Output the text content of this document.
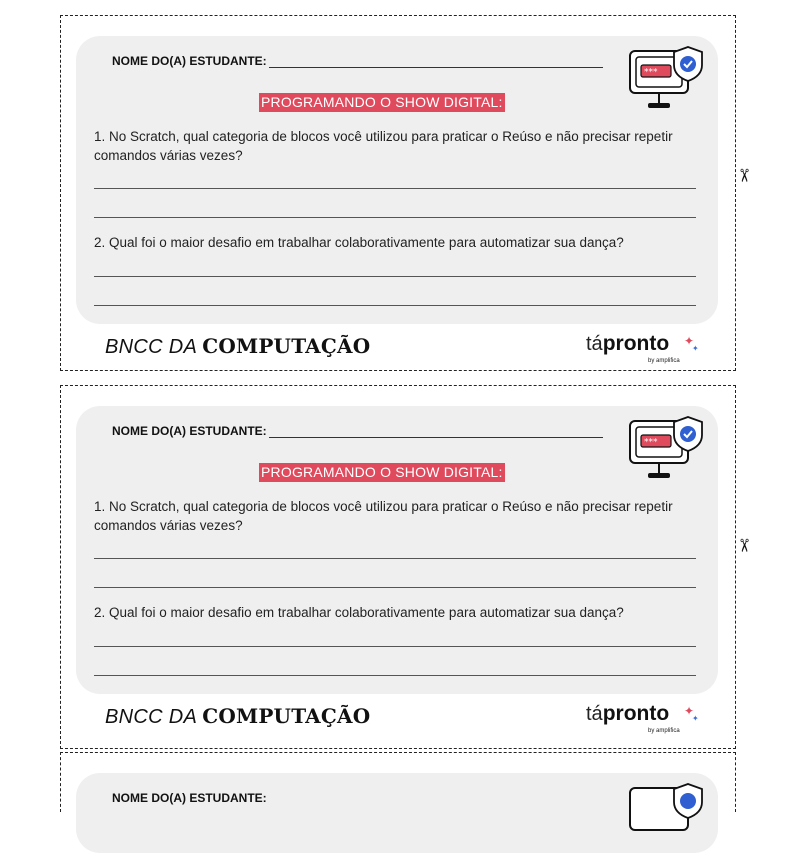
NOME DO(A) ESTUDANTE:
***
PROGRAMANDO O SHOW DIGITAL:
1. No Scratch, qual categoria de blocos você utilizou para praticar o Reúso e não precisar repetir comandos várias vezes?
2. Qual foi o maior desafio em trabalhar colaborativamente para automatizar sua dança?
BNCC DA COMPUTAÇÃO	tápronto ✦
✦
by amplifica
✂
NOME DO(A) ESTUDANTE:
***
PROGRAMANDO O SHOW DIGITAL:
1. No Scratch, qual categoria de blocos você utilizou para praticar o Reúso e não precisar repetir comandos várias vezes?
2. Qual foi o maior desafio em trabalhar colaborativamente para automatizar sua dança?
BNCC DA COMPUTAÇÃO	tápronto ✦
✦
by amplifica
✂
NOME DO(A) ESTUDANTE:
